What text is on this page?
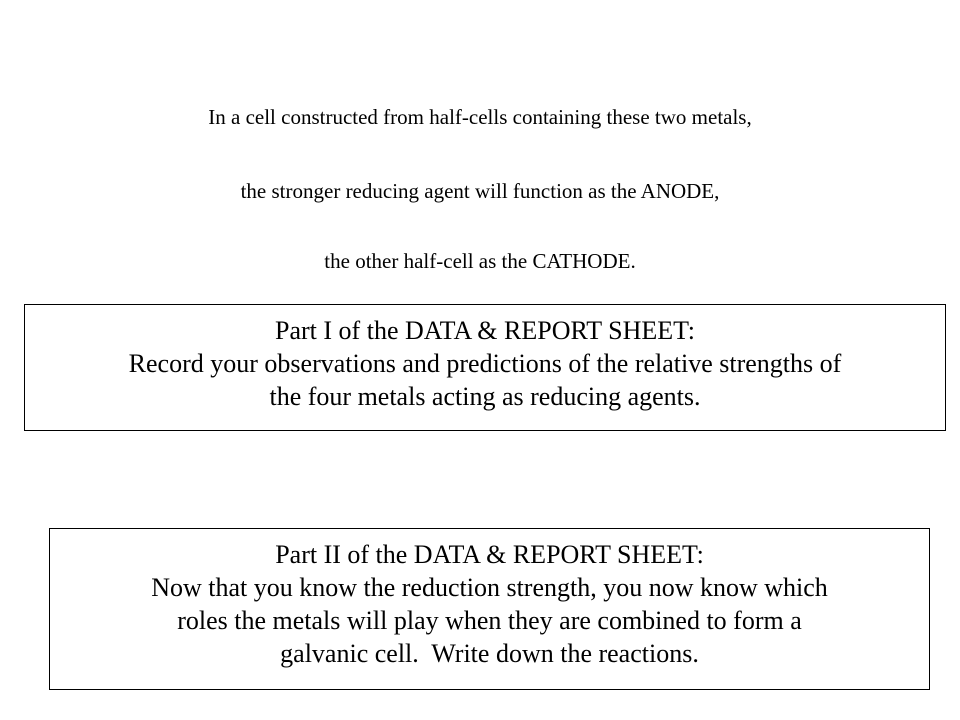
In a cell constructed from half-cells containing these two metals,
the stronger reducing agent will function as the ANODE,
the other half-cell as the CATHODE.
Part I of the DATA & REPORT SHEET:
Record your observations and predictions of the relative strengths of
the four metals acting as reducing agents.
Part II of the DATA & REPORT SHEET:
Now that you know the reduction strength, you now know which
roles the metals will play when they are combined to form a
galvanic cell.  Write down the reactions.
